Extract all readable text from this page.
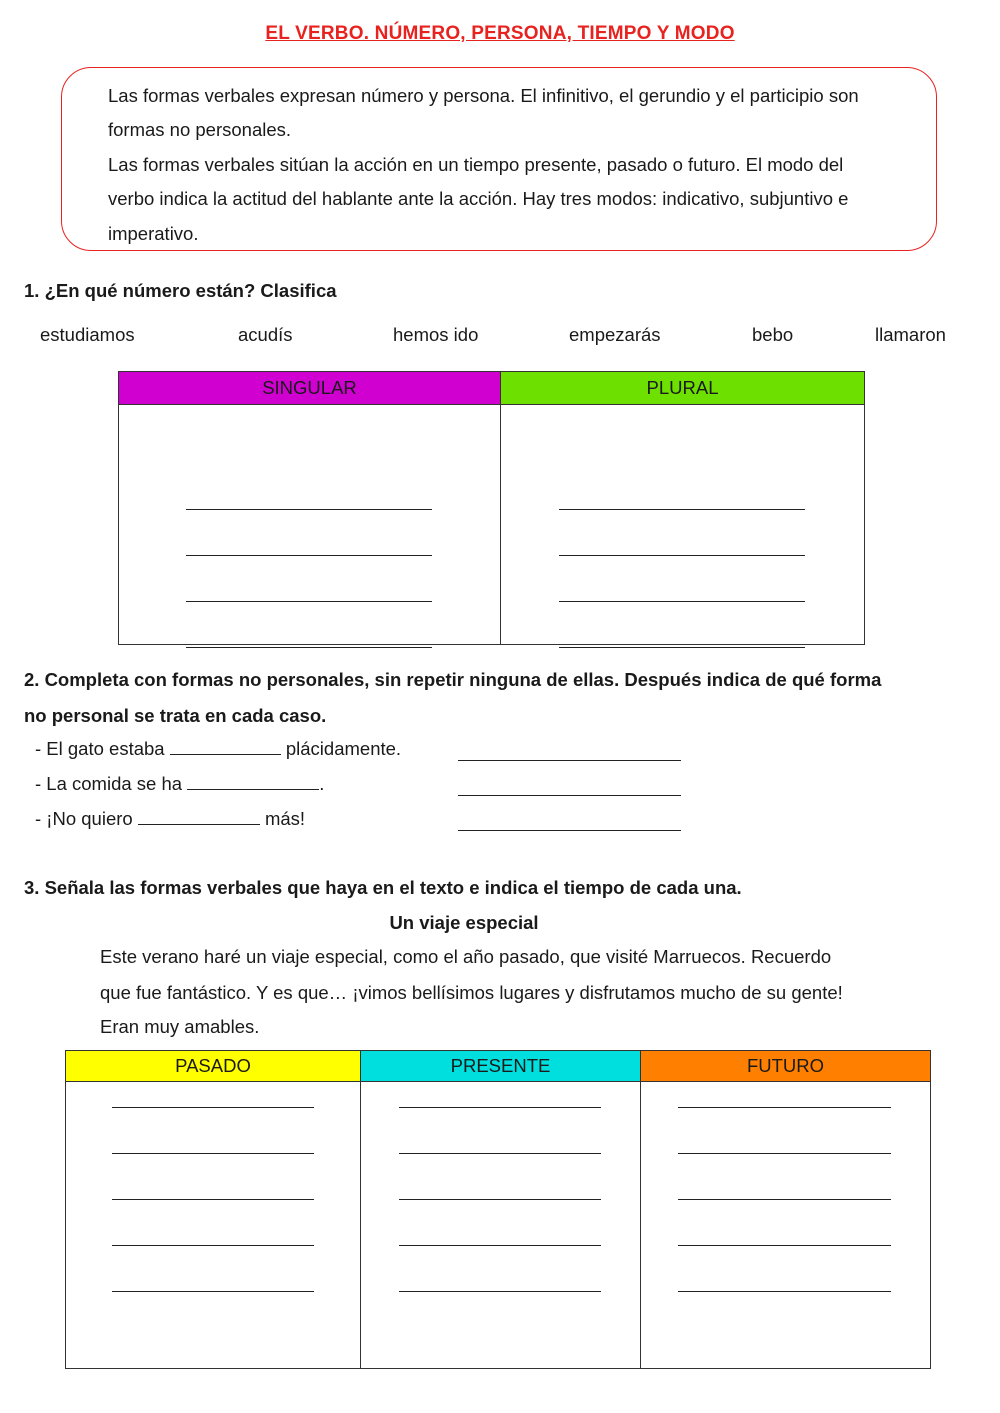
EL VERBO. NÚMERO, PERSONA, TIEMPO Y MODO
Las formas verbales expresan número y persona. El infinitivo, el gerundio y el participio son
formas no personales.
Las formas verbales sitúan la acción en un tiempo presente, pasado o futuro. El modo del
verbo indica la actitud del hablante ante la acción. Hay tres modos: indicativo, subjuntivo e
imperativo.
1. ¿En qué número están? Clasifica
estudiamos	acudís	hemos ido	empezarás	bebo	llamaron
SINGULAR	PLURAL

2. Completa con formas no personales, sin repetir ninguna de ellas. Después indica de qué forma
no personal se trata en cada caso.
- El gato estaba	plácidamente.
- La comida se ha	.
- ¡No quiero	más!
3. Señala las formas verbales que haya en el texto e indica el tiempo de cada una.
Un viaje especial
Este verano haré un viaje especial, como el año pasado, que visité Marruecos. Recuerdo
que fue fantástico. Y es que… ¡vimos bellísimos lugares y disfrutamos mucho de su gente!
Eran muy amables.
PASADO	PRESENTE	FUTURO
